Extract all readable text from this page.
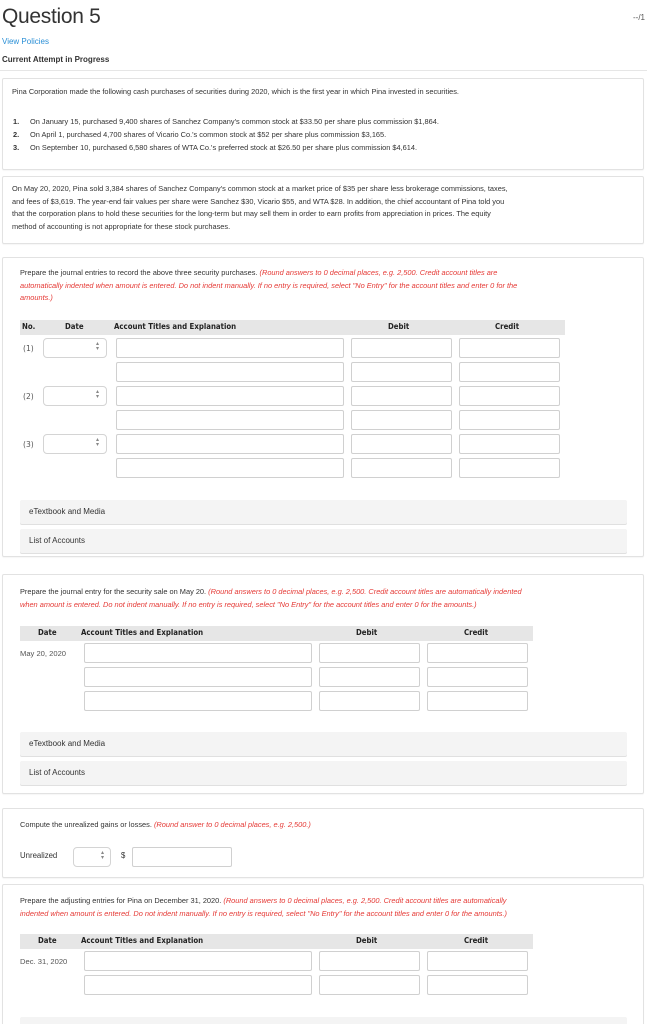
Question 5	--/1
View Policies
Current Attempt in Progress
Pina Corporation made the following cash purchases of securities during 2020, which is the first year in which Pina invested in securities.
1. On January 15, purchased 9,400 shares of Sanchez Company's common stock at $33.50 per share plus commission $1,864.
2. On April 1, purchased 4,700 shares of Vicario Co.'s common stock at $52 per share plus commission $3,165.
3. On September 10, purchased 6,580 shares of WTA Co.'s preferred stock at $26.50 per share plus commission $4,614.
On May 20, 2020, Pina sold 3,384 shares of Sanchez Company's common stock at a market price of $35 per share less brokerage commissions, taxes,
and fees of $3,619. The year-end fair values per share were Sanchez $30, Vicario $55, and WTA $28. In addition, the chief accountant of Pina told you
that the corporation plans to hold these securities for the long-term but may sell them in order to earn profits from appreciation in prices. The equity
method of accounting is not appropriate for these stock purchases.
Prepare the journal entries to record the above three security purchases. (Round answers to 0 decimal places, e.g. 2,500. Credit account titles are
automatically indented when amount is entered. Do not indent manually. If no entry is required, select "No Entry" for the account titles and enter 0 for the
amounts.)
No.	Date	Account Titles and Explanation	Debit	Credit
(1)	▴
▾
(2)	▴
▾
(3)	▴
▾
eTextbook and Media
List of Accounts
Prepare the journal entry for the security sale on May 20. (Round answers to 0 decimal places, e.g. 2,500. Credit account titles are automatically indented
when amount is entered. Do not indent manually. If no entry is required, select "No Entry" for the account titles and enter 0 for the amounts.)
Date	Account Titles and Explanation	Debit	Credit
May 20, 2020
eTextbook and Media
List of Accounts
Compute the unrealized gains or losses. (Round answer to 0 decimal places, e.g. 2,500.)
Unrealized	▴
▾ $
Prepare the adjusting entries for Pina on December 31, 2020. (Round answers to 0 decimal places, e.g. 2,500. Credit account titles are automatically
indented when amount is entered. Do not indent manually. If no entry is required, select "No Entry" for the account titles and enter 0 for the amounts.)
Date	Account Titles and Explanation	Debit	Credit
Dec. 31, 2020
